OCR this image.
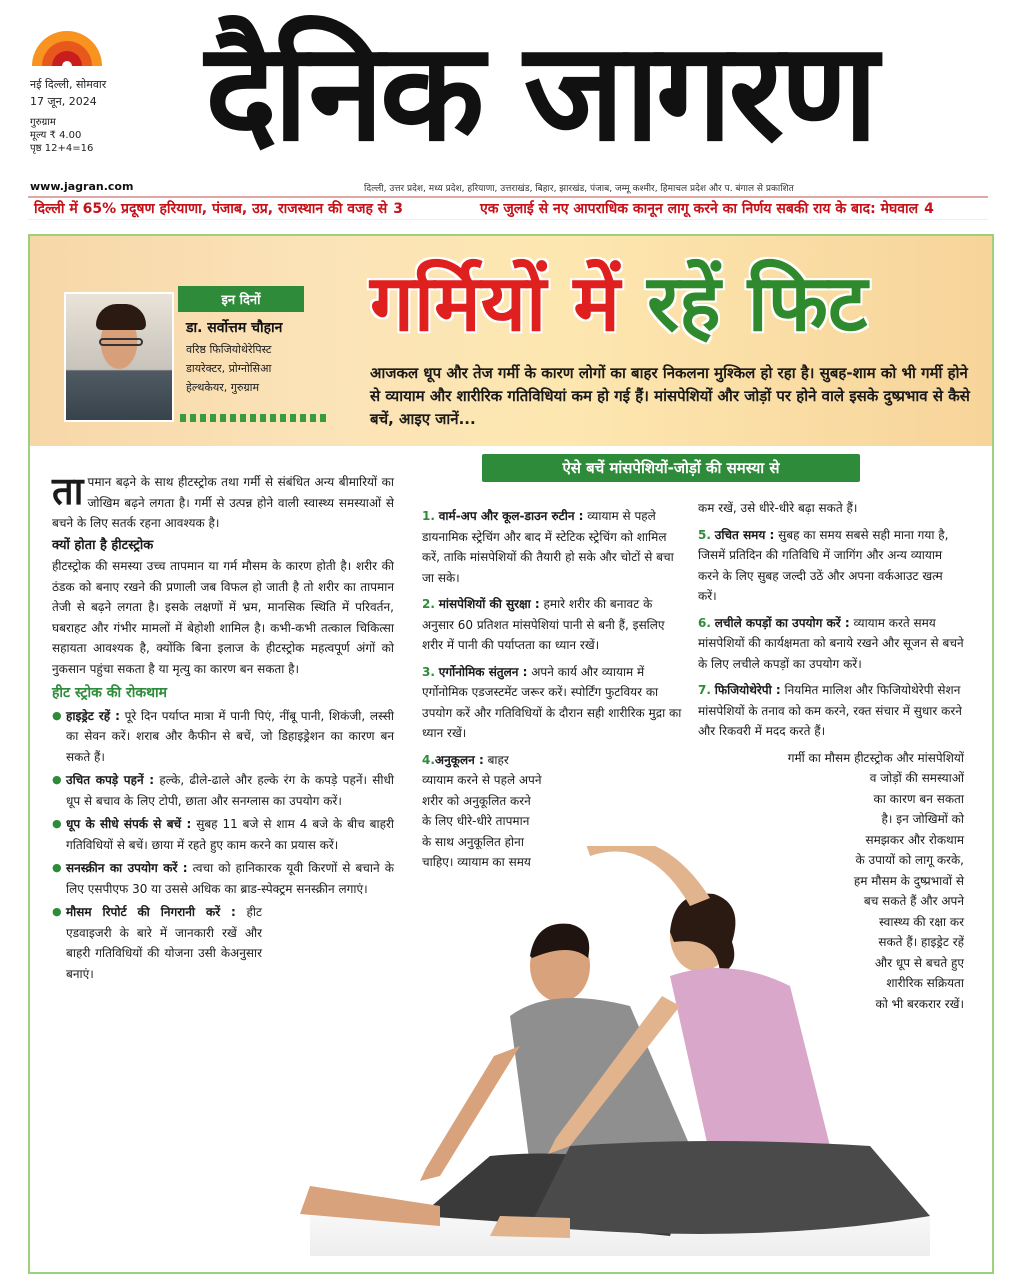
नई दिल्ली, सोमवार
17 जून, 2024
गुरुग्राम
मूल्य ₹ 4.00
पृष्ठ 12+4=16 दैनिक जागरण
www.jagran.com	दिल्ली, उत्तर प्रदेश, मध्य प्रदेश, हरियाणा, उत्तराखंड, बिहार, झारखंड, पंजाब, जम्मू कश्मीर, हिमाचल प्रदेश और प. बंगाल से प्रकाशित
दिल्ली में 65% प्रदूषण हरियाणा, पंजाब, उप्र, राजस्थान की वजह से 3	एक जुलाई से नए आपराधिक कानून लागू करने का निर्णय सबकी राय के बाद: मेघवाल 4
इन दिनों
डा. सर्वोत्तम चौहान
वरिष्ठ फिजियोथेरेपिस्ट
डायरेक्टर, प्रोग्नोसिआ
हेल्थकेयर, गुरुग्राम
गर्मियों में रहें फिट

आजकल धूप और तेज गर्मी के कारण लोगों का बाहर निकलना मुश्किल हो रहा है। सुबह-शाम को भी गर्मी होने से व्यायाम और शारीरिक गतिविधियां कम हो गई हैं। मांसपेशियों और जोड़ों पर होने वाले इसके दुष्प्रभाव से कैसे बचें, आइए जानें...

ऐसे बचें मांसपेशियों-जोड़ों की समस्या से

तापमान बढ़ने के साथ हीटस्ट्रोक तथा गर्मी से संबंधित अन्य बीमारियों का जोखिम बढ़ने लगता है। गर्मी से उत्पन्न होने वाली स्वास्थ्य समस्याओं से बचने के लिए सतर्क रहना आवश्यक है।

क्यों होता है हीटस्ट्रोक

हीटस्ट्रोक की समस्या उच्च तापमान या गर्म मौसम के कारण होती है। शरीर की ठंडक को बनाए रखने की प्रणाली जब विफल हो जाती है तो शरीर का तापमान तेजी से बढ़ने लगता है। इसके लक्षणों में भ्रम, मानसिक स्थिति में परिवर्तन, घबराहट और गंभीर मामलों में बेहोशी शामिल है। कभी-कभी तत्काल चिकित्सा सहायता आवश्यक है, क्योंकि बिना इलाज के हीटस्ट्रोक महत्वपूर्ण अंगों को नुकसान पहुंचा सकता है या मृत्यु का कारण बन सकता है।

हीट स्ट्रोक की रोकथाम
● हाइड्रेट रहें : पूरे दिन पर्याप्त मात्रा में पानी पिएं, नींबू पानी, शिकंजी, लस्सी का सेवन करें। शराब और कैफीन से बचें, जो डिहाइड्रेशन का कारण बन सकते हैं।
● उचित कपड़े पहनें : हल्के, ढीले-ढाले और हल्के रंग के कपड़े पहनें। सीधी धूप से बचाव के लिए टोपी, छाता और सनग्लास का उपयोग करें।
● धूप के सीधे संपर्क से बचें : सुबह 11 बजे से शाम 4 बजे के बीच बाहरी गतिविधियों से बचें। छाया में रहते हुए काम करने का प्रयास करें।
● सनस्क्रीन का उपयोग करें : त्वचा को हानिकारक यूवी किरणों से बचाने के लिए एसपीएफ 30 या उससे अधिक का ब्राड-स्पेक्ट्रम सनस्क्रीन लगाएं।
● मौसम रिपोर्ट की निगरानी करें : हीट एडवाइजरी के बारे में जानकारी रखें और बाहरी गतिविधियों की योजना उसी केअनुसार बनाएं।

1. वार्म-अप और कूल-डाउन रुटीन : व्यायाम से पहले डायनामिक स्ट्रेचिंग और बाद में स्टेटिक स्ट्रेचिंग को शामिल करें, ताकि मांसपेशियों की तैयारी हो सके और चोटों से बचा जा सके।

2. मांसपेशियों की सुरक्षा : हमारे शरीर की बनावट के अनुसार 60 प्रतिशत मांसपेशियां पानी से बनी हैं, इसलिए शरीर में पानी की पर्याप्तता का ध्यान रखें।

3. एर्गोनोमिक संतुलन : अपने कार्य और व्यायाम में एर्गोनोमिक एडजस्टमेंट जरूर करें। स्पोर्टिंग फुटवियर का उपयोग करें और गतिविधियों के दौरान सही शारीरिक मुद्रा का ध्यान रखें।

4.अनुकूलन : बाहर व्यायाम करने से पहले अपने शरीर को अनुकूलित करने के लिए धीरे-धीरे तापमान के साथ अनुकूलित होना चाहिए। व्यायाम का समय

कम रखें, उसे धीरे-धीरे बढ़ा सकते हैं।

5. उचित समय : सुबह का समय सबसे सही माना गया है, जिसमें प्रतिदिन की गतिविधि में जागिंग और अन्य व्यायाम करने के लिए सुबह जल्दी उठें और अपना वर्कआउट खत्म करें।

6. लचीले कपड़ों का उपयोग करें : व्यायाम करते समय मांसपेशियों की कार्यक्षमता को बनाये रखने और सूजन से बचने के लिए लचीले कपड़ों का उपयोग करें।

7. फिजियोथेरेपी : नियमित मालिश और फिजियोथेरेपी सेशन मांसपेशियों के तनाव को कम करने, रक्त संचार में सुधार करने और रिकवरी में मदद करते हैं।

गर्मी का मौसम हीटस्ट्रोक और मांसपेशियों
व जोड़ों की समस्याओं
का कारण बन सकता
है। इन जोखिमों को
समझकर और रोकथाम
के उपायों को लागू करके,
हम मौसम के दुष्प्रभावों से
बच सकते हैं और अपने
स्वास्थ्य की रक्षा कर
सकते हैं। हाइड्रेट रहें
और धूप से बचते हुए
शारीरिक सक्रियता
को भी बरकरार रखें।
